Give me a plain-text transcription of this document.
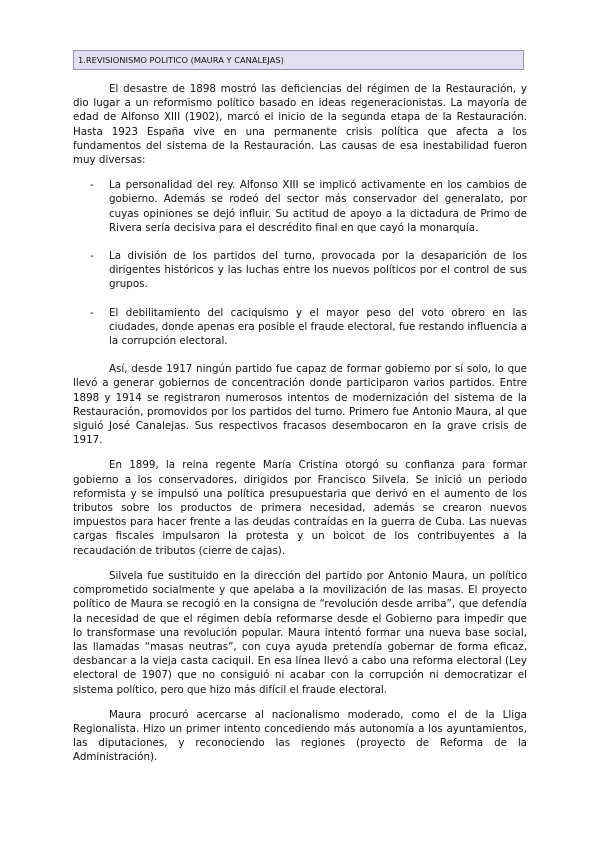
1.REVISIONISMO POLITICO (MAURA Y CANALEJAS)

El desastre de 1898 mostró las deficiencias del régimen de la Restauración, y dio lugar a un reformismo político basado en ideas regeneracionistas. La mayoría de edad de Alfonso XIII (1902), marcó el inicio de la segunda etapa de la Restauración. Hasta 1923 España vive en una permanente crisis política que afecta a los fundamentos del sistema de la Restauración. Las causas de esa inestabilidad fueron muy diversas:

- La personalidad del rey. Alfonso XIII se implicó activamente en los cambios de gobierno. Además se rodeó del sector más conservador del generalato, por cuyas opiniones se dejó influir. Su actitud de apoyo a la dictadura de Primo de Rivera sería decisiva para el descrédito final en que cayó la monarquía.
- La división de los partidos del turno, provocada por la desaparición de los dirigentes históricos y las luchas entre los nuevos políticos por el control de sus grupos.
- El debilitamiento del caciquismo y el mayor peso del voto obrero en las ciudades, donde apenas era posible el fraude electoral, fue restando influencia a la corrupción electoral.

Así, desde 1917 ningún partido fue capaz de formar gobierno por sí solo, lo que llevó a generar gobiernos de concentración donde participaron varios partidos. Entre 1898 y 1914 se registraron numerosos intentos de modernización del sistema de la Restauración, promovidos por los partidos del turno. Primero fue Antonio Maura, al que siguió José Canalejas. Sus respectivos fracasos desembocaron en la grave crisis de 1917.

En 1899, la reina regente María Cristina otorgó su confianza para formar gobierno a los conservadores, dirigidos por Francisco Silvela. Se inició un periodo reformista y se impulsó una política presupuestaria que derivó en el aumento de los tributos sobre los productos de primera necesidad, además se crearon nuevos impuestos para hacer frente a las deudas contraídas en la guerra de Cuba. Las nuevas cargas fiscales impulsaron la protesta y un boicot de los contribuyentes a la recaudación de tributos (cierre de cajas).

Silvela fue sustituido en la dirección del partido por Antonio Maura, un político comprometido socialmente y que apelaba a la movilización de las masas. El proyecto político de Maura se recogió en la consigna de “revolución desde arriba”, que defendía la necesidad de que el régimen debía reformarse desde el Gobierno para impedir que lo transformase una revolución popular. Maura intentó formar una nueva base social, las llamadas “masas neutras”, con cuya ayuda pretendía gobernar de forma eficaz, desbancar a la vieja casta caciquil. En esa línea llevó a cabo una reforma electoral (Ley electoral de 1907) que no consiguió ni acabar con la corrupción ni democratizar el sistema político, pero que hizo más difícil el fraude electoral.

Maura procuró acercarse al nacionalismo moderado, como el de la Lliga Regionalista. Hizo un primer intento concediendo más autonomía a los ayuntamientos, las diputaciones, y reconociendo las regiones (proyecto de Reforma de la Administración).
